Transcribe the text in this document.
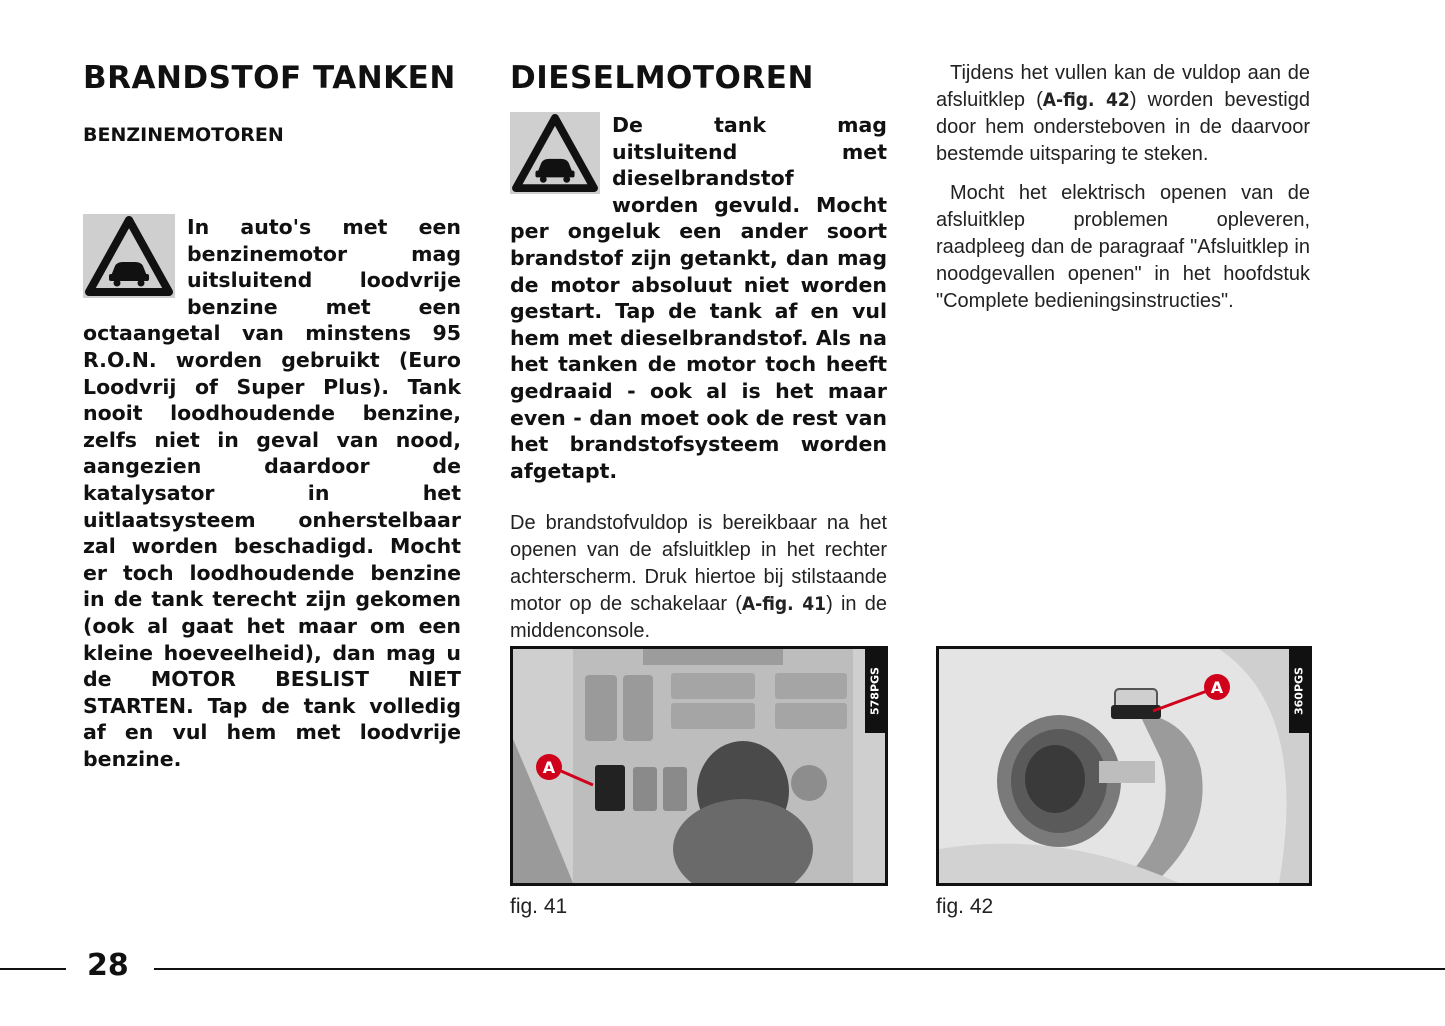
BRANDSTOF TANKEN
BENZINEMOTOREN

In auto's met een benzinemotor mag uitsluitend loodvrije benzine met een octaangetal van minstens 95 R.O.N. worden gebruikt (Euro Loodvrij of Super Plus). Tank nooit loodhoudende benzine, zelfs niet in geval van nood, aangezien daardoor de katalysator in het uitlaatsysteem onherstelbaar zal worden beschadigd. Mocht er toch loodhoudende benzine in de tank terecht zijn gekomen (ook al gaat het maar om een kleine hoeveelheid), dan mag u de MOTOR BESLIST NIET STARTEN. Tap de tank volledig af en vul hem met loodvrije benzine.

DIESELMOTOREN

De tank mag uitsluitend met dieselbrandstof worden gevuld. Mocht per ongeluk een ander soort brandstof zijn getankt, dan mag de motor absoluut niet worden gestart. Tap de tank af en vul hem met dieselbrandstof. Als na het tanken de motor toch heeft gedraaid - ook al is het maar even - dan moet ook de rest van het brandstofsysteem worden afgetapt.

De brandstofvuldop is bereikbaar na het openen van de afsluitklep in het rechter achterscherm. Druk hiertoe bij stilstaande motor op de schakelaar (A-fig. 41) in de middenconsole.

A
578PGS
fig. 41

Tijdens het vullen kan de vuldop aan de afsluitklep (A-fig. 42) worden bevestigd door hem ondersteboven in de daarvoor bestemde uitsparing te steken.

Mocht het elektrisch openen van de afsluitklep problemen opleveren, raadpleeg dan de paragraaf "Afsluitklep in noodgevallen openen" in het hoofdstuk "Complete bedieningsinstructies".

A	360PGS
fig. 42
28
